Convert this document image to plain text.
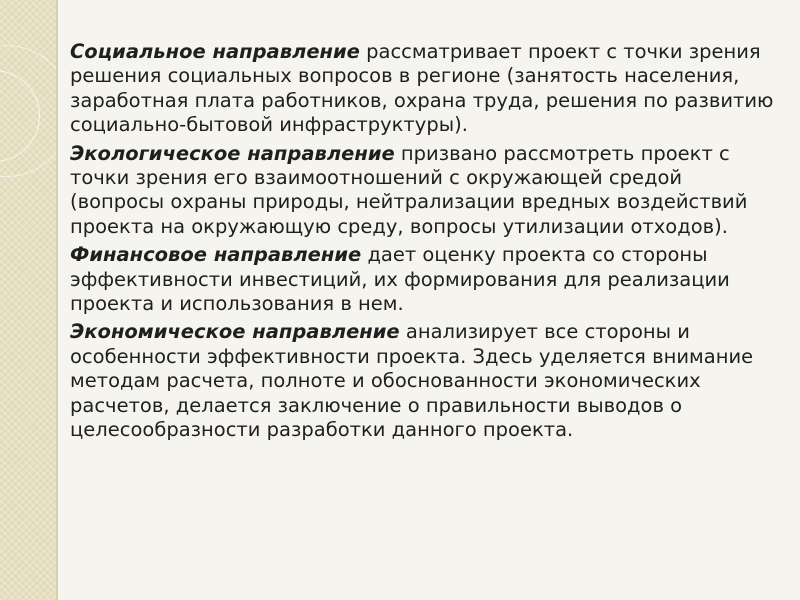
Социальное направление рассматривает проект с точки зрения решения социальных вопросов в регионе (занятость населения, заработная плата работников, охрана труда, решения по развитию социально-бытовой инфраструктуры).

Экологическое направление призвано рассмотреть проект с точки зрения его взаимоотношений с окружающей средой (вопросы охраны природы, нейтрализации вредных воздействий проекта на окружающую среду, вопросы утилизации отходов).

Финансовое направление дает оценку проекта со стороны эффективности инвестиций, их формирования для реализации проекта и использования в нем.

Экономическое направление анализирует все стороны и особенности эффективности проекта. Здесь уделяется внимание методам расчета, полноте и обоснованности экономических расчетов, делается заключение о правильности выводов о целесообразности разработки данного проекта.
